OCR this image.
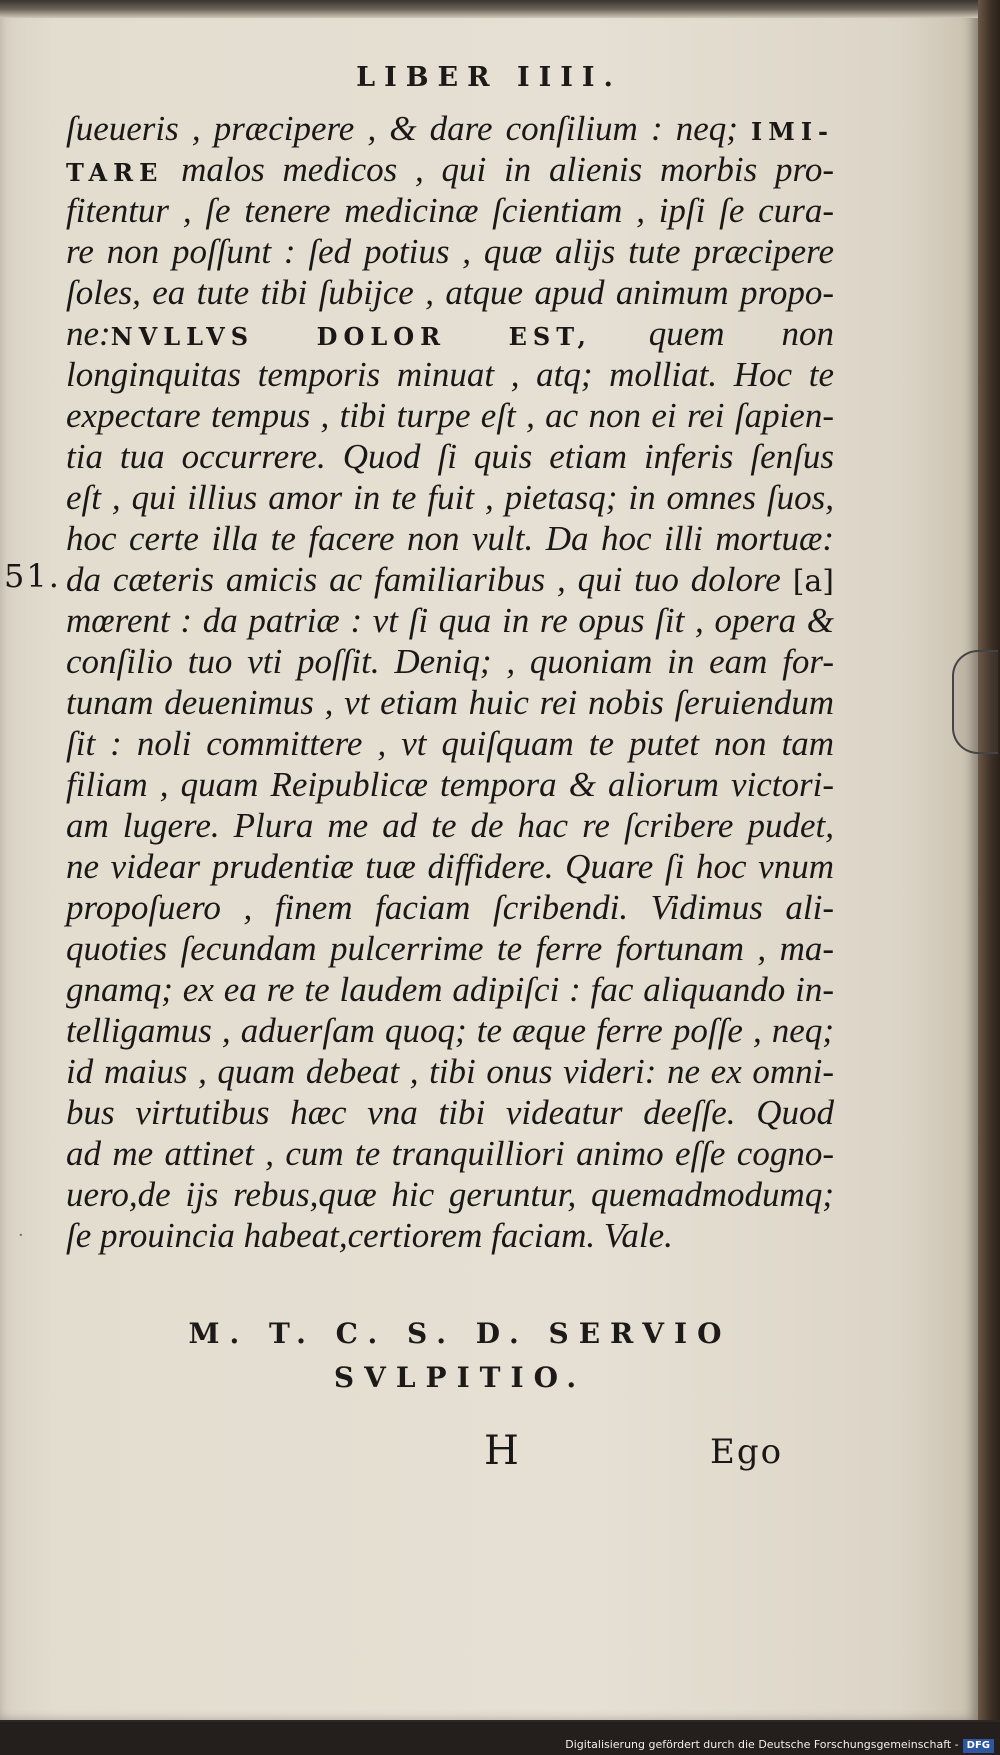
LIBER IIII.
51.
·
ſueueris , præcipere , & dare conſilium : neq; IMI-
TARE malos medicos , qui in alienis morbis pro-
fitentur , ſe tenere medicinæ ſcientiam , ipſi ſe cura-
re non poſſunt : ſed potius , quæ alijs tute præcipere
ſoles, ea tute tibi ſubijce , atque apud animum propo-
ne:NVLLVS DOLOR EST, quem non
longinquitas temporis minuat , atq; molliat. Hoc te
expectare tempus , tibi turpe eſt , ac non ei rei ſapien-
tia tua occurrere. Quod ſi quis etiam inferis ſenſus
eſt , qui illius amor in te fuit , pietasq; in omnes ſuos,
hoc certe illa te facere non vult. Da hoc illi mortuæ:
da cæteris amicis ac familiaribus , qui tuo dolore [a]
mœrent : da patriæ : vt ſi qua in re opus ſit , opera &
conſilio tuo vti poſſit. Deniq; , quoniam in eam for-
tunam deuenimus , vt etiam huic rei nobis ſeruiendum
ſit : noli committere , vt quiſquam te putet non tam
filiam , quam Reipublicæ tempora & aliorum victori-
am lugere. Plura me ad te de hac re ſcribere pudet,
ne videar prudentiæ tuæ diffidere. Quare ſi hoc vnum
propoſuero , finem faciam ſcribendi. Vidimus ali-
quoties ſecundam pulcerrime te ferre fortunam , ma-
gnamq; ex ea re te laudem adipiſci : fac aliquando in-
telligamus , aduerſam quoq; te æque ferre poſſe , neq;
id maius , quam debeat , tibi onus videri: ne ex omni-
bus virtutibus hæc vna tibi videatur deeſſe. Quod
ad me attinet , cum te tranquilliori animo eſſe cogno-
uero,de ijs rebus,quæ hic geruntur, quemadmodumq;
ſe prouincia habeat,certiorem faciam. Vale.
M. T. C. S. D. SERVIO
SVLPITIO.
H	Ego
Digitalisierung gefördert durch die Deutsche Forschungsgemeinschaft - DFG
